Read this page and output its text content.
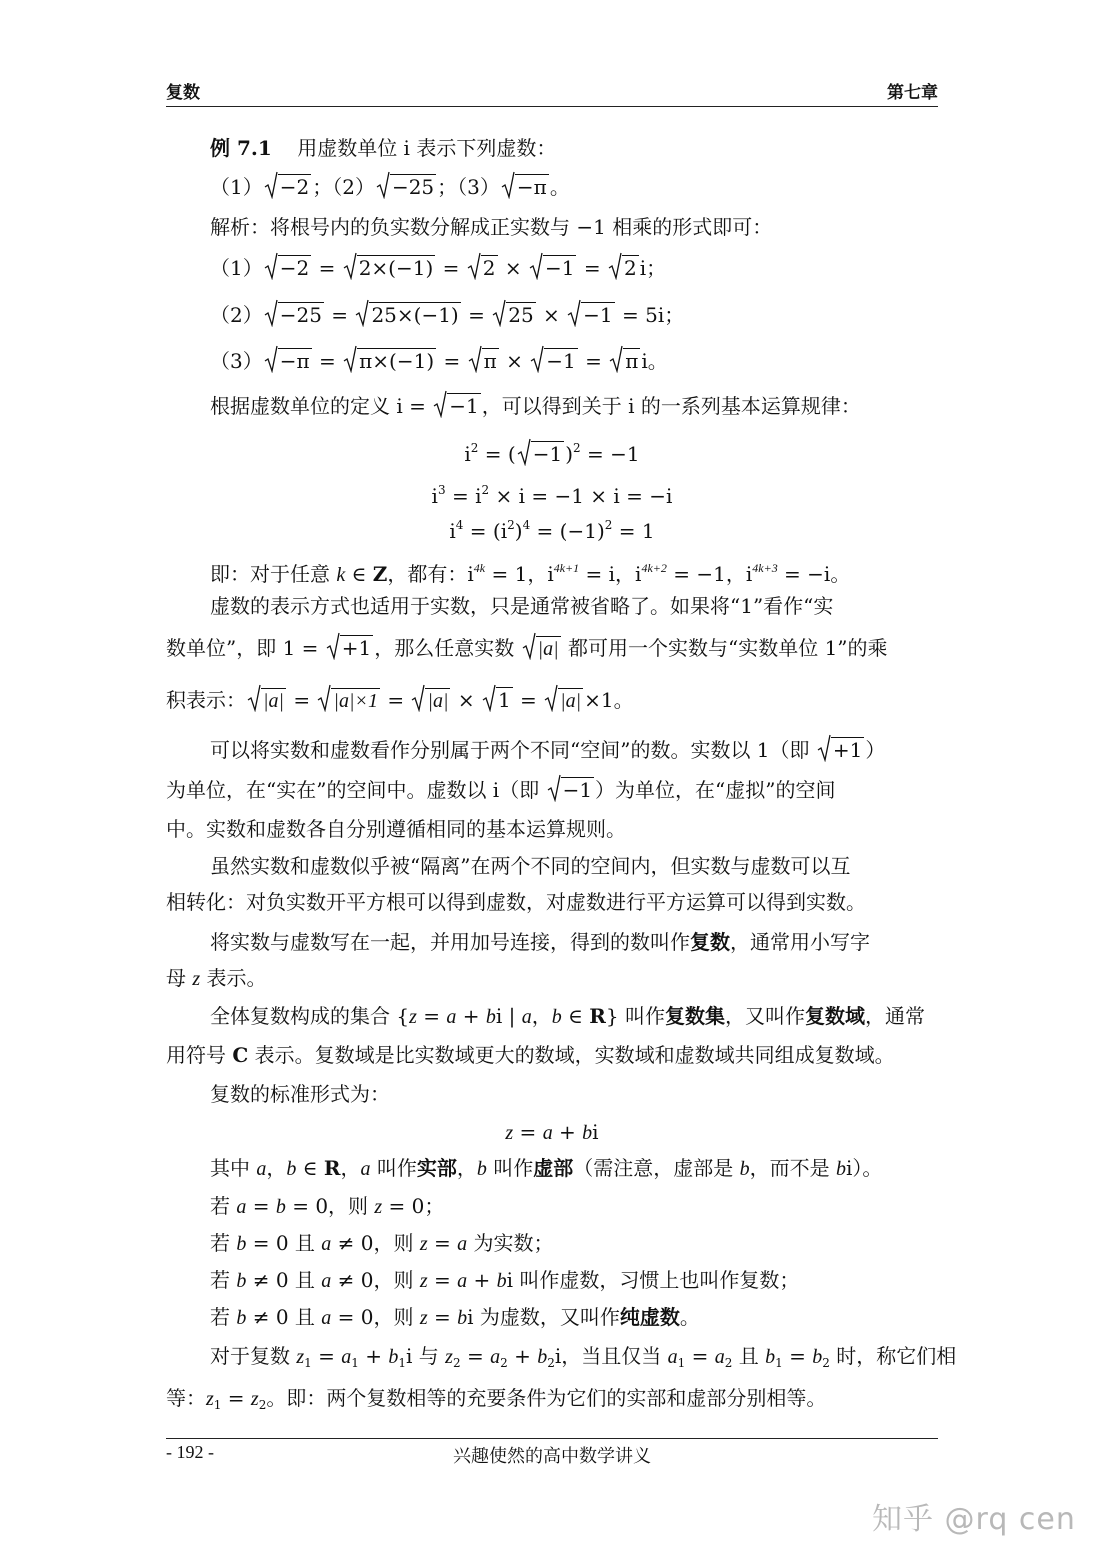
复数	第七章
例 7.1 用虚数单位 i 表示下列虚数：
（1） −2 ；（2） −25 ；（3） −π 。
解析：将根号内的负实数分解成正实数与 −1 相乘的形式即可：
（1） −2 =
2×(−1) =
2 ×
−1 =
2 i；
（2） −25 =
25×(−1) =
25 ×
−1 = 5i；
（3） −π =
π×(−1) =
π ×
−1 =
π i。
根据虚数单位的定义 i =
−1 ，可以得到关于 i 的一系列基本运算规律：
$i^2$ = ( −1 )$^2$ = −1
$i^3 = i^2 \times i = -1 \times i = -i$
$i^4 = (i^2)^4 = (-1)^2 = 1$
即：对于任意 k ∈ Z，都有：$i^{4k} = 1$，$i^{4k+1} = i$，$i^{4k+2} = -1$，$i^{4k+3} = -i$。
虚数的表示方式也适用于实数，只是通常被省略了。如果将“1”看作“实
数单位”，即 1 =
+1 ，那么任意实数
|a| 都可用一个实数与“实数单位 1”的乘
积表示： |a| =
|a|×1 =
|a| ×
1 =
|a| ×1。
可以将实数和虚数看作分别属于两个不同“空间”的数。实数以 1（即
+1 ）
为单位，在“实在”的空间中。虚数以 i（即
−1 ）为单位，在“虚拟”的空间
中。实数和虚数各自分别遵循相同的基本运算规则。
虽然实数和虚数似乎被“隔离”在两个不同的空间内，但实数与虚数可以互
相转化：对负实数开平方根可以得到虚数，对虚数进行平方运算可以得到实数。
将实数与虚数写在一起，并用加号连接，得到的数叫作复数，通常用小写字
母 z 表示。
全体复数构成的集合 {z = a + bi | a，b ∈ R} 叫作复数集，又叫作复数域，通常
用符号 C 表示。复数域是比实数域更大的数域，实数域和虚数域共同组成复数域。
复数的标准形式为：
z = a + bi
其中 a，b ∈ R，a 叫作实部，b 叫作虚部（需注意，虚部是 b，而不是 bi）。
若 a = b = 0，则 z = 0；
若 b = 0 且 a ≠ 0，则 z = a 为实数；
若 b ≠ 0 且 a ≠ 0，则 z = a + bi 叫作虚数，习惯上也叫作复数；
若 b ≠ 0 且 a = 0，则 z = bi 为虚数，又叫作纯虚数。
对于复数 $z_1 = a_1 + b_1i$ 与 $z_2 = a_2 + b_2i$，当且仅当 $a_1 = a_2$ 且 $b_1 = b_2$ 时，称它们相
等：$z_1 = z_2$。即：两个复数相等的充要条件为它们的实部和虚部分别相等。
- 192 -	兴趣使然的高中数学讲义
知乎 @rq cen
